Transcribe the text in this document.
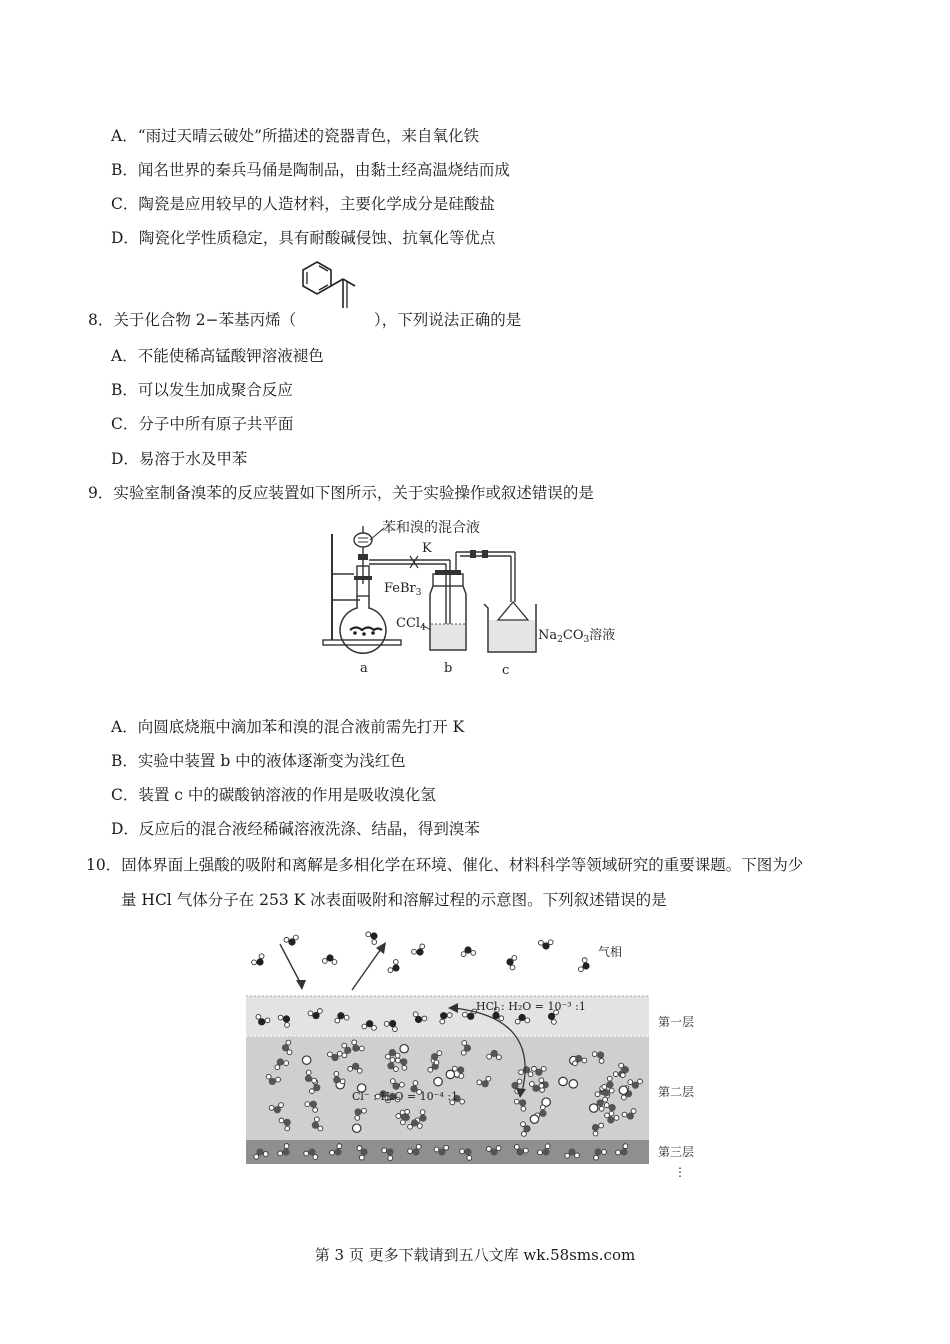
A．“雨过天晴云破处”所描述的瓷器青色，来自氧化铁
B．闻名世界的秦兵马俑是陶制品，由黏土经高温烧结而成
C．陶瓷是应用较早的人造材料，主要化学成分是硅酸盐
D．陶瓷化学性质稳定，具有耐酸碱侵蚀、抗氧化等优点
8．关于化合物 2−苯基丙烯（	），下列说法正确的是
A．不能使稀高锰酸钾溶液褪色
B．可以发生加成聚合反应
C．分子中所有原子共平面
D．易溶于水及甲苯
9．实验室制备溴苯的反应装置如下图所示，关于实验操作或叙述错误的是
苯和溴的混合液
K
FeBr$_3$
CCl$_4$	$Na_2CO_3$溶液
a	b	c
A．向圆底烧瓶中滴加苯和溴的混合液前需先打开 K
B．实验中装置 b 中的液体逐渐变为浅红色
C．装置 c 中的碳酸钠溶液的作用是吸收溴化氢
D．反应后的混合液经稀碱溶液洗涤、结晶，得到溴苯
10．固体界面上强酸的吸附和离解是多相化学在环境、催化、材料科学等领域研究的重要课题。下图为少
量 HCl 气体分子在 253 K 冰表面吸附和溶解过程的示意图。下列叙述错误的是
气相
HCl : H₂O = 10⁻³ :1
Cl⁻ : H₂O = 10⁻⁴ :1
第一层
第二层
第三层
⋮
第 3 页 更多下载请到五八文库 wk.58sms.com
